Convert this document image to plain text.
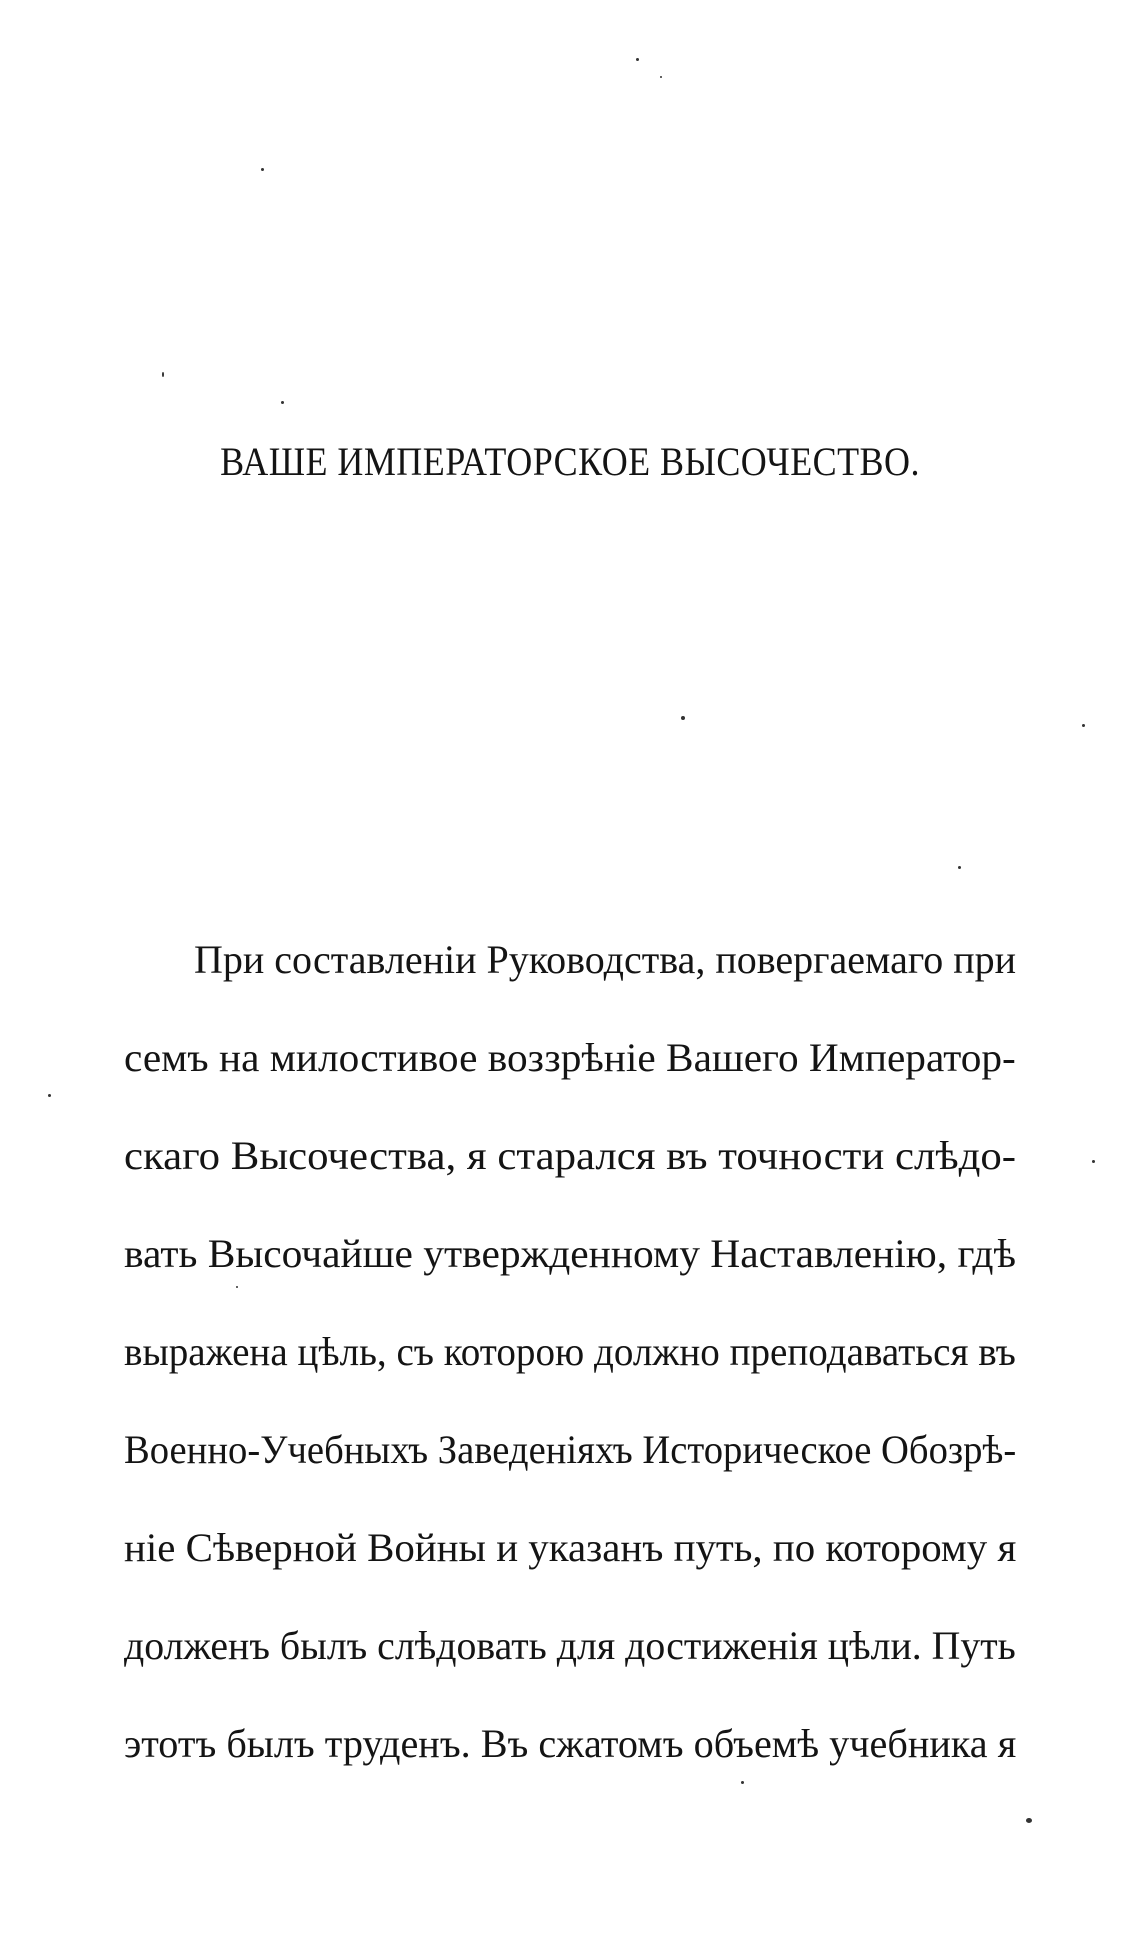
ВАШЕ ИМПЕРАТОРСКОЕ ВЫСОЧЕСТВО.
При составленіи Руководства, повергаемаго при
семъ на милостивое воззрѣніе Вашего Император-
скаго Высочества, я старался въ точности слѣдо-
вать Высочайше утвержденному Наставленію, гдѣ
выражена цѣль, съ которою должно преподаваться въ
Военно-Учебныхъ Заведеніяхъ Историческое Обозрѣ-
ніе Сѣверной Войны и указанъ путь, по которому я
долженъ былъ слѣдовать для достиженія цѣли. Путь
этотъ былъ труденъ. Въ сжатомъ объемѣ учебника я
